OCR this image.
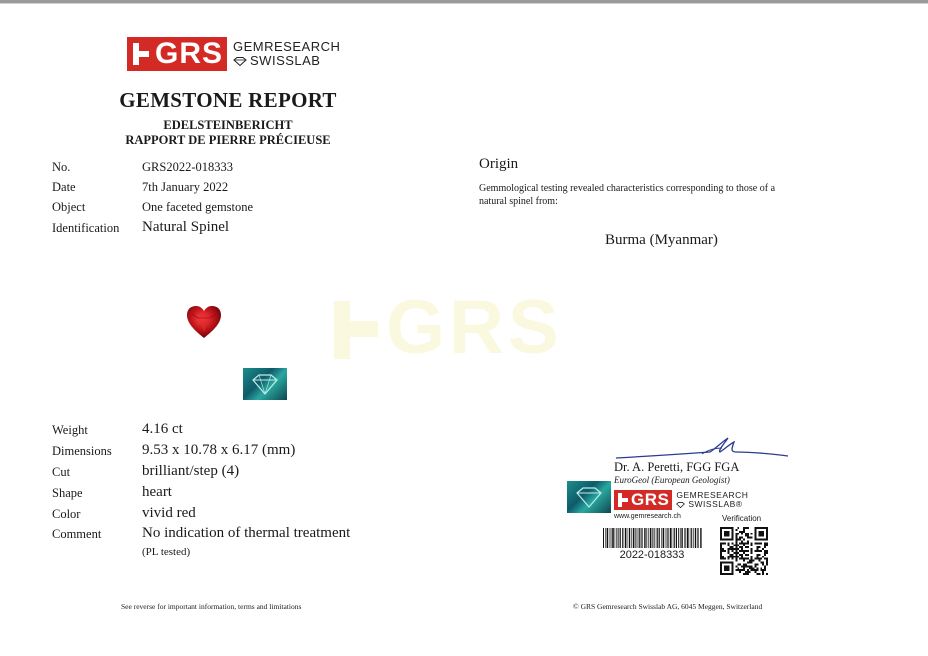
GRS GEMRESEARCH
SWISSLAB
GEMSTONE REPORT
EDELSTEINBERICHT
RAPPORT DE PIERRE PRÉCIEUSE
No.	GRS2022-018333
Date	7th January 2022
Object	One faceted gemstone
Identification Natural Spinel
Origin
Gemmological testing revealed characteristics corresponding to those of a natural spinel from:
Burma (Myanmar)
GRS
Weight	4.16 ct
Dimensions 9.53 x 10.78 x 6.17 (mm)
Cut	brilliant/step (4)
Shape	heart
Color	vivid red
Comment	No indication of thermal treatment
(PL tested)
Dr. A. Peretti, FGG FGA
EuroGeol (European Geologist)
GRS GEMRESEARCH
SWISSLAB®
www.gemresearch.ch	Verification
2022-018333
See reverse for important information, terms and limitations	© GRS Gemresearch Swisslab AG, 6045 Meggen, Switzerland
